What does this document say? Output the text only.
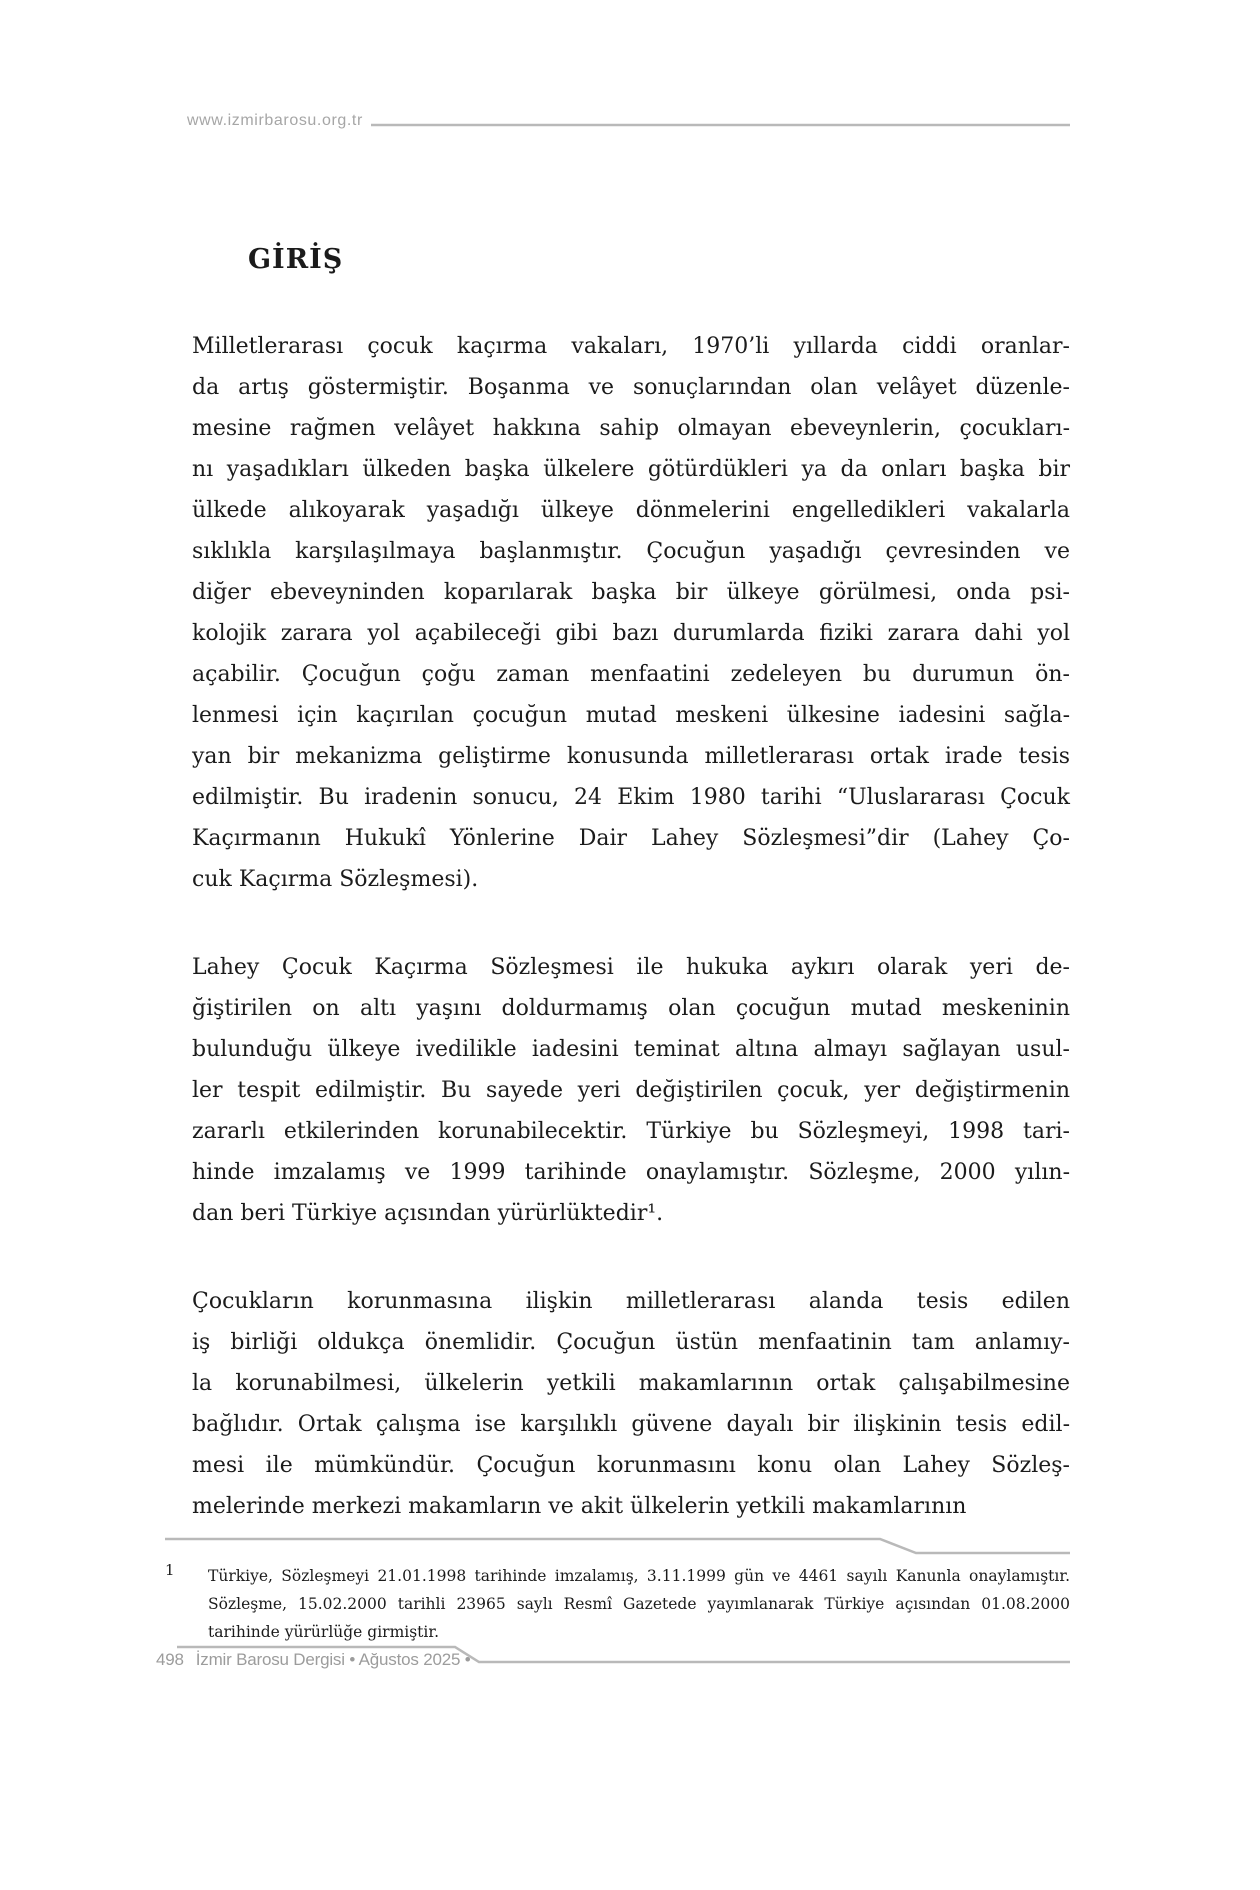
www.izmirbarosu.org.tr
GİRİŞ
Milletlerarası çocuk kaçırma vakaları, 1970’li yıllarda ciddi oranlar-
da artış göstermiştir. Boşanma ve sonuçlarından olan velâyet düzenle-
mesine rağmen velâyet hakkına sahip olmayan ebeveynlerin, çocukları-
nı yaşadıkları ülkeden başka ülkelere götürdükleri ya da onları başka bir
ülkede alıkoyarak yaşadığı ülkeye dönmelerini engelledikleri vakalarla
sıklıkla karşılaşılmaya başlanmıştır. Çocuğun yaşadığı çevresinden ve
diğer ebeveyninden koparılarak başka bir ülkeye görülmesi, onda psi-
kolojik zarara yol açabileceği gibi bazı durumlarda fiziki zarara dahi yol
açabilir. Çocuğun çoğu zaman menfaatini zedeleyen bu durumun ön-
lenmesi için kaçırılan çocuğun mutad meskeni ülkesine iadesini sağla-
yan bir mekanizma geliştirme konusunda milletlerarası ortak irade tesis
edilmiştir. Bu iradenin sonucu, 24 Ekim 1980 tarihi “Uluslararası Çocuk
Kaçırmanın Hukukî Yönlerine Dair Lahey Sözleşmesi”dir (Lahey Ço-
cuk Kaçırma Sözleşmesi).
Lahey Çocuk Kaçırma Sözleşmesi ile hukuka aykırı olarak yeri de-
ğiştirilen on altı yaşını doldurmamış olan çocuğun mutad meskeninin
bulunduğu ülkeye ivedilikle iadesini teminat altına almayı sağlayan usul-
ler tespit edilmiştir. Bu sayede yeri değiştirilen çocuk, yer değiştirmenin
zararlı etkilerinden korunabilecektir. Türkiye bu Sözleşmeyi, 1998 tari-
hinde imzalamış ve 1999 tarihinde onaylamıştır. Sözleşme, 2000 yılın-
dan beri Türkiye açısından yürürlüktedir¹.
Çocukların korunmasına ilişkin milletlerarası alanda tesis edilen
iş birliği oldukça önemlidir. Çocuğun üstün menfaatinin tam anlamıy-
la korunabilmesi, ülkelerin yetkili makamlarının ortak çalışabilmesine
bağlıdır. Ortak çalışma ise karşılıklı güvene dayalı bir ilişkinin tesis edil-
mesi ile mümkündür. Çocuğun korunmasını konu olan Lahey Sözleş-
melerinde merkezi makamların ve akit ülkelerin yetkili makamlarının
1 Türkiye, Sözleşmeyi 21.01.1998 tarihinde imzalamış, 3.11.1999 gün ve 4461 sayılı Kanunla onaylamıştır.
Sözleşme, 15.02.2000 tarihli 23965 saylı Resmî Gazetede yayımlanarak Türkiye açısından 01.08.2000
tarihinde yürürlüğe girmiştir.
498 İzmir Barosu Dergisi • Ağustos 2025 •
